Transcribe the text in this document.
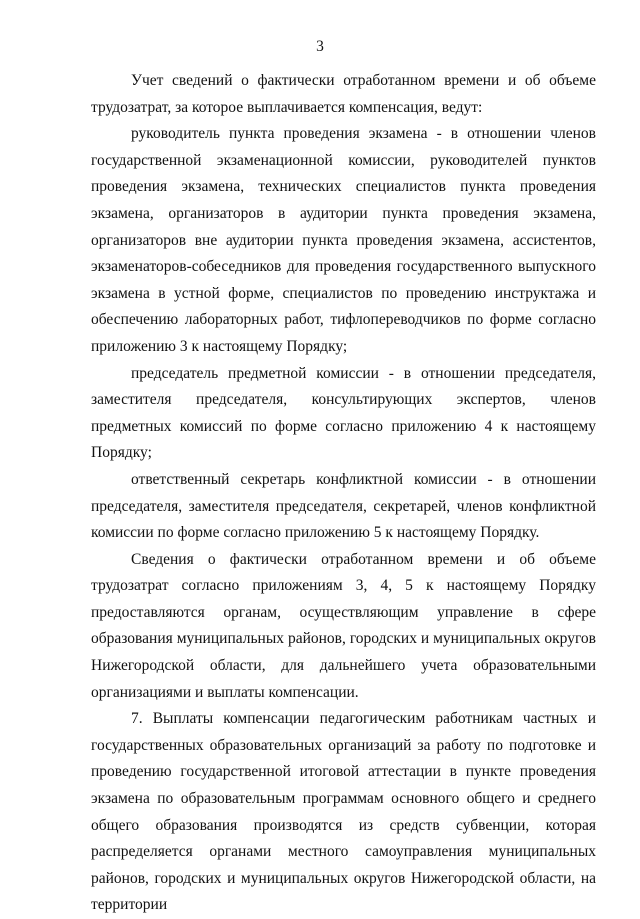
3

Учет сведений о фактически отработанном времени и об объеме трудозатрат, за которое выплачивается компенсация, ведут:

руководитель пункта проведения экзамена - в отношении членов государственной экзаменационной комиссии, руководителей пунктов проведения экзамена, технических специалистов пункта проведения экзамена, организаторов в аудитории пункта проведения экзамена, организаторов вне аудитории пункта проведения экзамена, ассистентов, экзаменаторов-собеседников для проведения государственного выпускного экзамена в устной форме, специалистов по проведению инструктажа и обеспечению лабораторных работ, тифлопереводчиков по форме согласно приложению 3 к настоящему Порядку;

председатель предметной комиссии - в отношении председателя, заместителя председателя, консультирующих экспертов, членов предметных комиссий по форме согласно приложению 4 к настоящему Порядку;

ответственный секретарь конфликтной комиссии - в отношении председателя, заместителя председателя, секретарей, членов конфликтной комиссии по форме согласно приложению 5 к настоящему Порядку.

Сведения о фактически отработанном времени и об объеме трудозатрат согласно приложениям 3, 4, 5 к настоящему Порядку предоставляются органам, осуществляющим управление в сфере образования муниципальных районов, городских и муниципальных округов Нижегородской области, для дальнейшего учета образовательными организациями и выплаты компенсации.

7. Выплаты компенсации педагогическим работникам частных и государственных образовательных организаций за работу по подготовке и проведению государственной итоговой аттестации в пункте проведения экзамена по образовательным программам основного общего и среднего общего образования производятся из средств субвенции, которая распределяется органами местного самоуправления муниципальных районов, городских и муниципальных округов Нижегородской области, на территории
